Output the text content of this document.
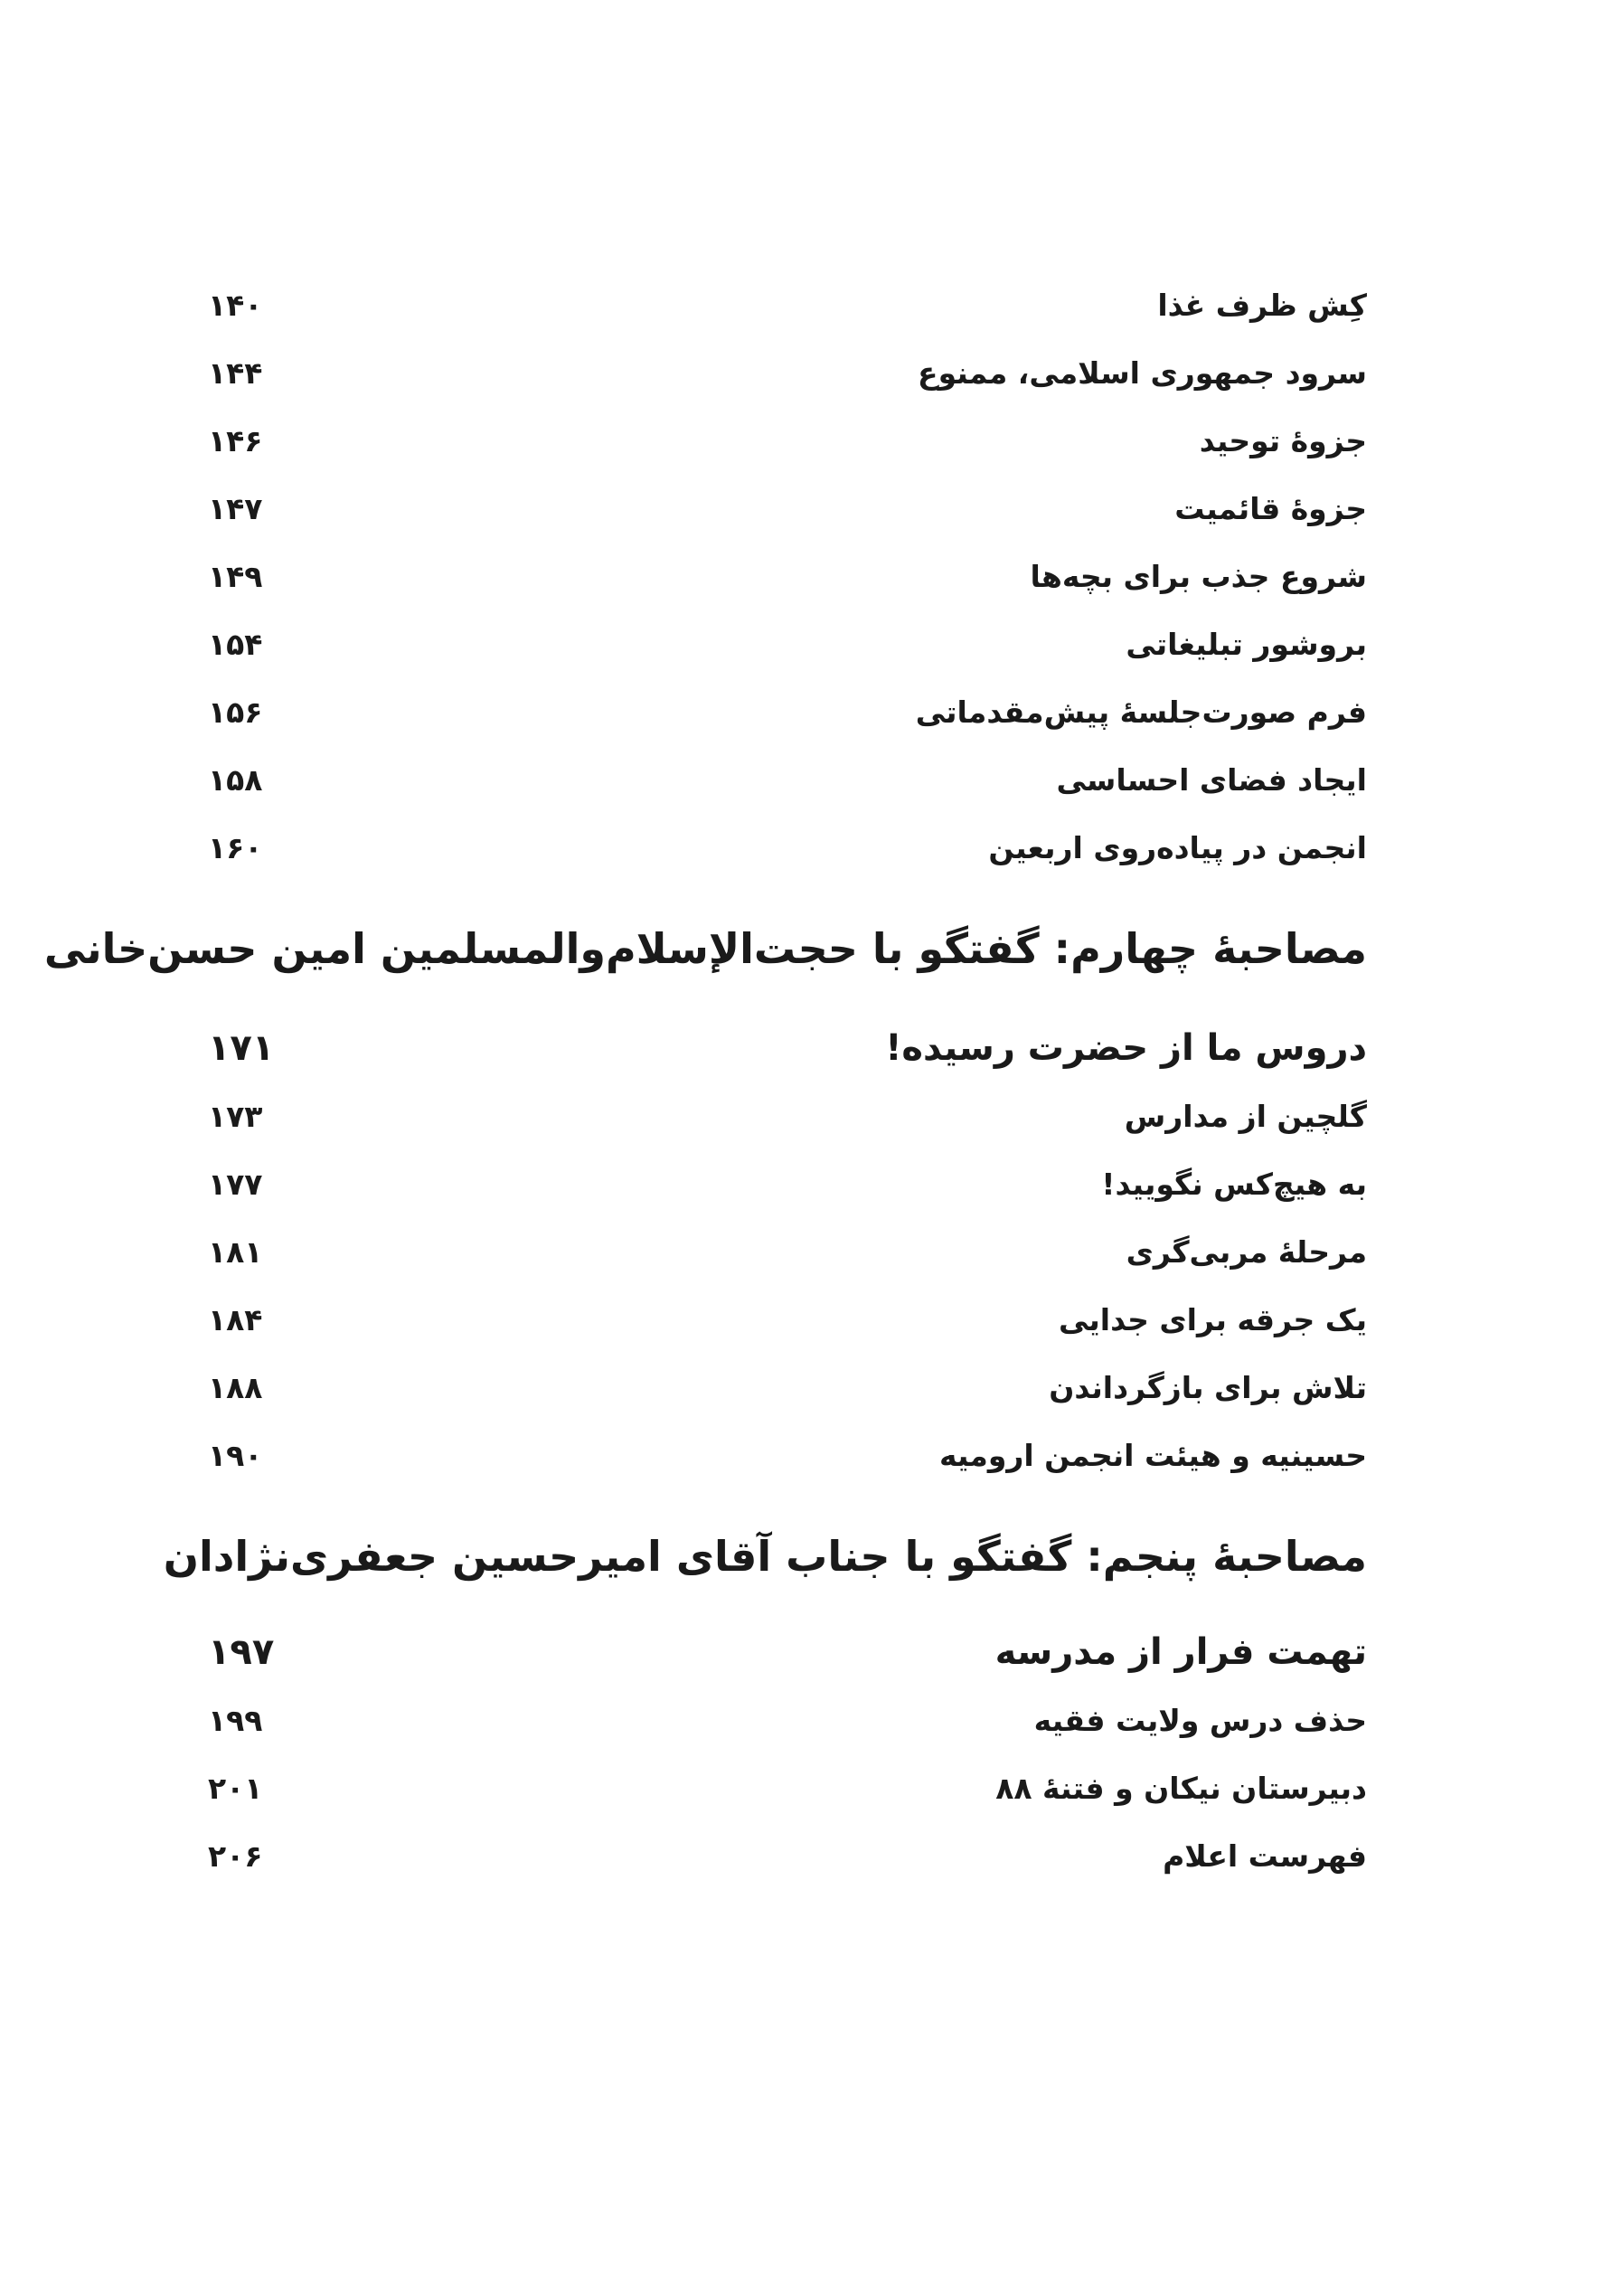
کِش ظرف غذا
۱۴۰
سرود جمهوری اسلامی، ممنوع
۱۴۴
جزوۀ توحید
۱۴۶
جزوۀ قائمیت
۱۴۷
شروع جذب برای بچه‌ها
۱۴۹
بروشور تبلیغاتی
۱۵۴
فرم صورت‌جلسۀ پیش‌مقدماتی
۱۵۶
ایجاد فضای احساسی
۱۵۸
انجمن در پیاده‌روی اربعین
۱۶۰
مصاحبۀ چهارم: گفتگو با حجت‌الإسلام‌والمسلمین امین حسن‌خانی
دروس ما از حضرت رسیده!
۱۷۱
گلچین از مدارس
۱۷۳
به هیچ‌کس نگویید!
۱۷۷
مرحلۀ مربی‌گری
۱۸۱
یک جرقه برای جدایی
۱۸۴
تلاش برای بازگرداندن
۱۸۸
حسینیه و هیئت انجمن ارومیه
۱۹۰
مصاحبۀ پنجم: گفتگو با جناب آقای امیرحسین جعفری‌نژادان
تهمت فرار از مدرسه
۱۹۷
حذف درس ولایت فقیه
۱۹۹
دبیرستان نیکان و فتنۀ ۸۸
۲۰۱
فهرست اعلام
۲۰۶
